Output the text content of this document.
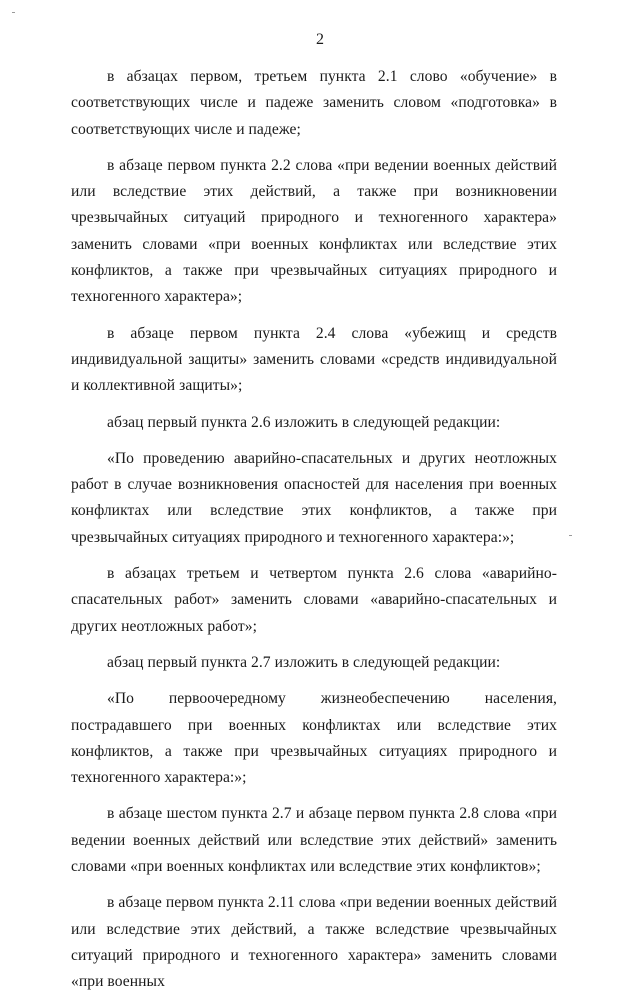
2

в абзацах первом, третьем пункта 2.1 слово «обучение» в соответствующих числе и падеже заменить словом «подготовка» в соответствующих числе и падеже;

в абзаце первом пункта 2.2 слова «при ведении военных действий или вследствие этих действий, а также при возникновении чрезвычайных ситуаций природного и техногенного характера» заменить словами «при военных конфликтах или вследствие этих конфликтов, а также при чрезвычайных ситуациях природного и техногенного характера»;

в абзаце первом пункта 2.4 слова «убежищ и средств индивидуальной защиты» заменить словами «средств индивидуальной и коллективной защиты»;

абзац первый пункта 2.6 изложить в следующей редакции:

«По проведению аварийно-спасательных и других неотложных работ в случае возникновения опасностей для населения при военных конфликтах или вследствие этих конфликтов, а также при чрезвычайных ситуациях природного и техногенного характера:»;

в абзацах третьем и четвертом пункта 2.6 слова «аварийно-спасательных работ» заменить словами «аварийно-спасательных и других неотложных работ»;

абзац первый пункта 2.7 изложить в следующей редакции:

«По первоочередному жизнеобеспечению населения, пострадавшего при военных конфликтах или вследствие этих конфликтов, а также при чрезвычайных ситуациях природного и техногенного характера:»;

в абзаце шестом пункта 2.7 и абзаце первом пункта 2.8 слова «при ведении военных действий или вследствие этих действий» заменить словами «при военных конфликтах или вследствие этих конфликтов»;

в абзаце первом пункта 2.11 слова «при ведении военных действий или вследствие этих действий, а также вследствие чрезвычайных ситуаций природного и техногенного характера» заменить словами «при военных
